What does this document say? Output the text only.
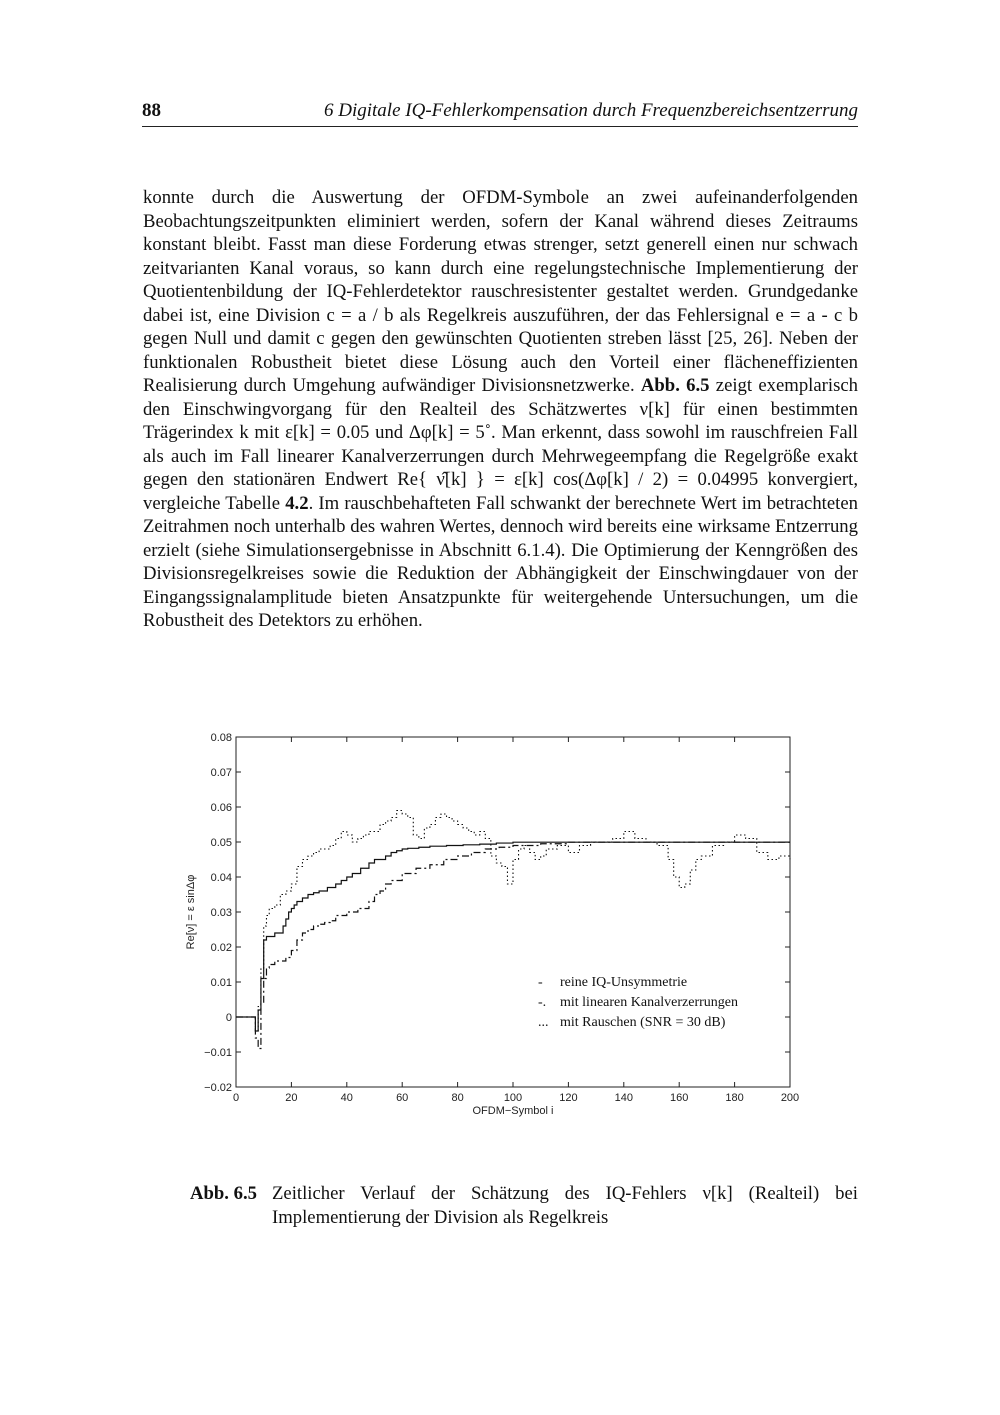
88	6 Digitale IQ-Fehlerkompensation durch Frequenzbereichsentzerrung

konnte durch die Auswertung der OFDM-Symbole an zwei aufeinanderfolgenden Beobachtungszeitpunkten eliminiert werden, sofern der Kanal während dieses Zeitraums konstant bleibt. Fasst man diese Forderung etwas strenger, setzt generell einen nur schwach zeitvarianten Kanal voraus, so kann durch eine regelungstechnische Implementierung der Quotientenbildung der IQ-Fehlerdetektor rauschresistenter gestaltet werden. Grundgedanke dabei ist, eine Division c = a / b als Regelkreis auszuführen, der das Fehlersignal e = a - c b gegen Null und damit c gegen den gewünschten Quotienten streben lässt [25, 26]. Neben der funktionalen Robustheit bietet diese Lösung auch den Vorteil einer flächeneffizienten Realisierung durch Umgehung aufwändiger Divisionsnetzwerke. Abb. 6.5 zeigt exemplarisch den Einschwingvorgang für den Realteil des Schätzwertes ν[k] für einen bestimmten Trägerindex k mit ε[k] = 0.05 und Δφ[k] = 5˚. Man erkennt, dass sowohl im rauschfreien Fall als auch im Fall linearer Kanalverzerrungen durch Mehrwegeempfang die Regelgröße exakt gegen den stationären Endwert Re{ ν̂[k] } = ε[k] cos(Δφ[k] / 2) = 0.04995 konvergiert, vergleiche Tabelle 4.2. Im rauschbehafteten Fall schwankt der berechnete Wert im betrachteten Zeitrahmen noch unterhalb des wahren Wertes, dennoch wird bereits eine wirksame Entzerrung erzielt (siehe Simulationsergebnisse in Abschnitt 6.1.4). Die Optimierung der Kenngrößen des Divisionsregelkreises sowie die Reduktion der Abhängigkeit der Einschwingdauer von der Eingangssignalamplitude bieten Ansatzpunkte für weitergehende Untersuchungen, um die Robustheit des Detektors zu erhöhen.

0	20	40	60	80	100	120	140	160	180	200
−0.02
−0.01
0
0.01
0.02
0.03
0.04
0.05
0.06
0.07
0.08
- reine IQ-Unsymmetrie
-. mit linearen Kanalverzerrungen
... mit Rauschen (SNR = 30 dB)
OFDM−Symbol i
Re[ν] = ε sinΔφ
Abb. 6.5 Zeitlicher Verlauf der Schätzung des IQ-Fehlers ν[k] (Realteil) bei Implementierung der Division als Regelkreis
